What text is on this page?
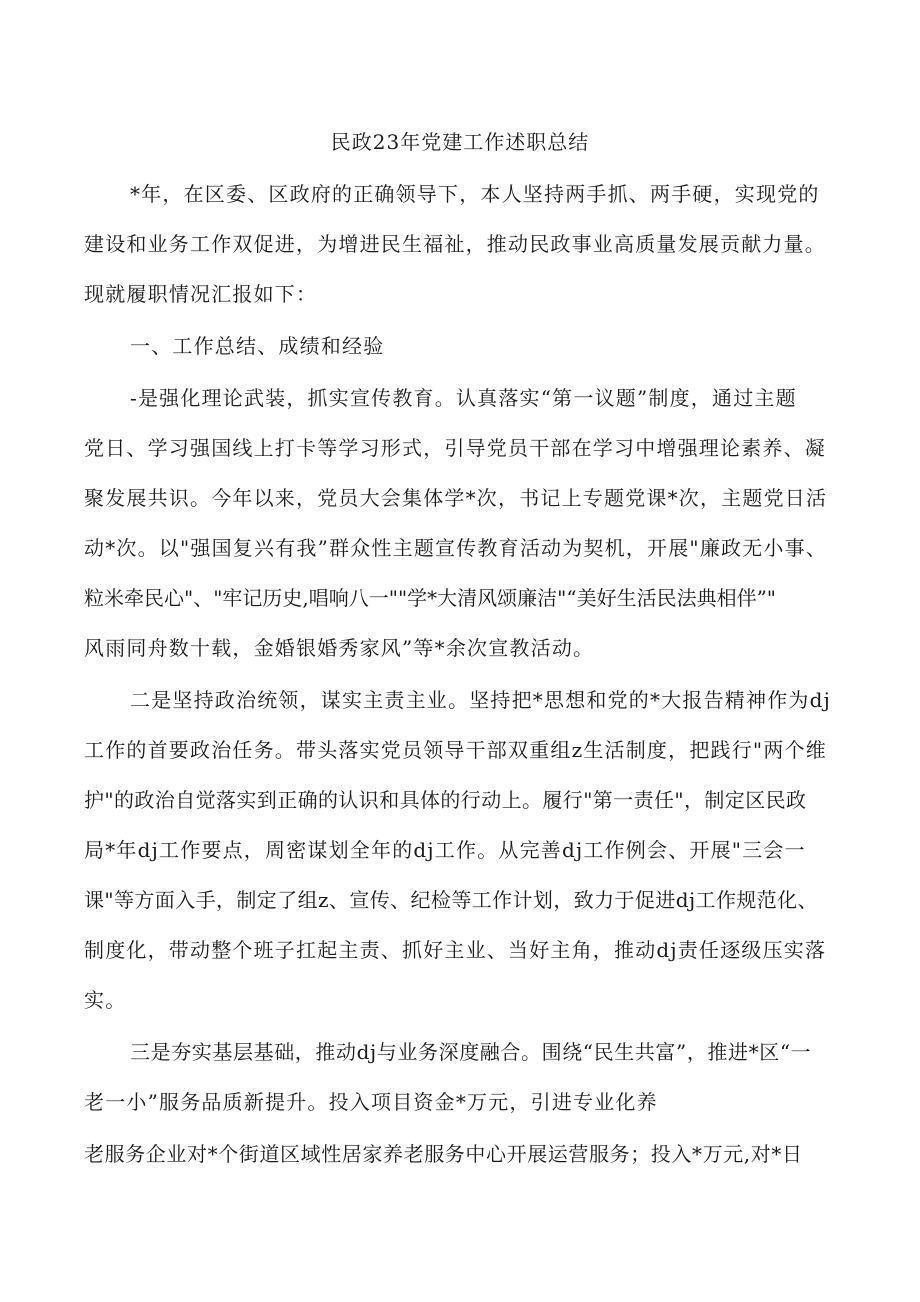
民政23年党建工作述职总结
*年，在区委、区政府的正确领导下，本人坚持两手抓、两手硬，实现党的
建设和业务工作双促进，为增进民生福祉，推动民政事业高质量发展贡献力量。
现就履职情况汇报如下：
一、工作总结、成绩和经验
-是强化理论武装，抓实宣传教育。认真落实“第一议题”制度，通过主题
党日、学习强国线上打卡等学习形式，引导党员干部在学习中增强理论素养、凝
聚发展共识。今年以来，党员大会集体学*次，书记上专题党课*次，主题党日活
动*次。以"强国复兴有我”群众性主题宣传教育活动为契机，开展"廉政无小事、
粒米牵民心"、"牢记历史,唱响八一""学*大清风颂廉洁"“美好生活民法典相伴”"
风雨同舟数十载，金婚银婚秀家风”等*余次宣教活动。
二是坚持政治统领，谋实主责主业。坚持把*思想和党的*大报告精神作为dj
工作的首要政治任务。带头落实党员领导干部双重组z生活制度，把践行"两个维
护"的政治自觉落实到正确的认识和具体的行动上。履行"第一责任"，制定区民政
局*年dj工作要点，周密谋划全年的dj工作。从完善dj工作例会、开展"三会一
课"等方面入手，制定了组z、宣传、纪检等工作计划，致力于促进dj工作规范化、
制度化，带动整个班子扛起主责、抓好主业、当好主角，推动dj责任逐级压实落
实。
三是夯实基层基础，推动dj与业务深度融合。围绕“民生共富”，推进*区“一
老一小”服务品质新提升。投入项目资金*万元，引进专业化养
老服务企业对*个街道区域性居家养老服务中心开展运营服务；投入*万元,对*日
